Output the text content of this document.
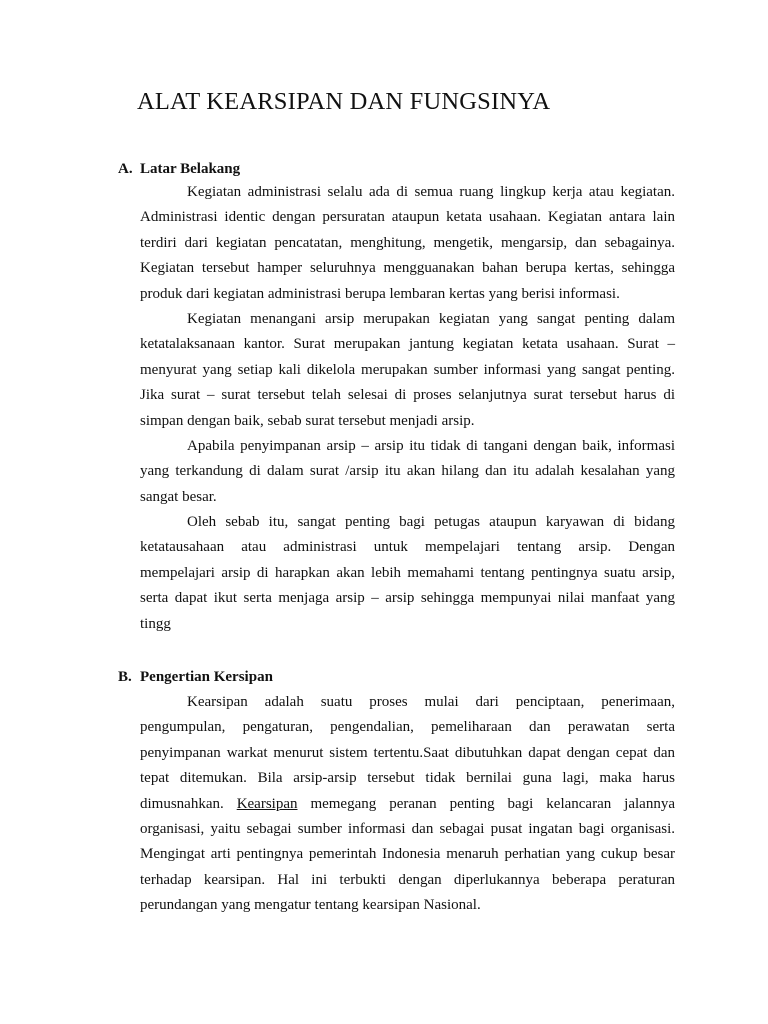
ALAT KEARSIPAN DAN FUNGSINYA
A. Latar Belakang
Kegiatan administrasi selalu ada di semua ruang lingkup kerja atau kegiatan.
Administrasi identic dengan persuratan ataupun ketata usahaan. Kegiatan antara lain
terdiri dari kegiatan pencatatan, menghitung, mengetik, mengarsip, dan sebagainya.
Kegiatan tersebut hamper seluruhnya mengguanakan bahan berupa kertas, sehingga
produk dari kegiatan administrasi berupa lembaran kertas yang berisi informasi.
Kegiatan menangani arsip merupakan kegiatan yang sangat penting dalam
ketatalaksanaan kantor. Surat merupakan jantung kegiatan ketata usahaan. Surat –
menyurat yang setiap kali dikelola merupakan sumber informasi yang sangat penting.
Jika surat – surat tersebut telah selesai di proses selanjutnya surat tersebut harus di
simpan dengan baik, sebab surat tersebut menjadi arsip.
Apabila penyimpanan arsip – arsip itu tidak di tangani dengan baik, informasi
yang terkandung di dalam surat /arsip itu akan hilang dan itu adalah kesalahan yang
sangat besar.
Oleh sebab itu, sangat penting bagi petugas ataupun karyawan di bidang
ketatausahaan atau administrasi untuk mempelajari tentang arsip. Dengan
mempelajari arsip di harapkan akan lebih memahami tentang pentingnya suatu arsip,
serta dapat ikut serta menjaga arsip – arsip sehingga mempunyai nilai manfaat yang
tingg
B. Pengertian Kersipan
Kearsipan adalah suatu proses mulai dari penciptaan, penerimaan,
pengumpulan, pengaturan, pengendalian, pemeliharaan dan perawatan serta
penyimpanan warkat menurut sistem tertentu.Saat dibutuhkan dapat dengan cepat dan
tepat ditemukan. Bila arsip-arsip tersebut tidak bernilai guna lagi, maka harus
dimusnahkan. Kearsipan memegang peranan penting bagi kelancaran jalannya
organisasi, yaitu sebagai sumber informasi dan sebagai pusat ingatan bagi organisasi.
Mengingat arti pentingnya pemerintah Indonesia menaruh perhatian yang cukup besar
terhadap kearsipan. Hal ini terbukti dengan diperlukannya beberapa peraturan
perundangan yang mengatur tentang kearsipan Nasional.
